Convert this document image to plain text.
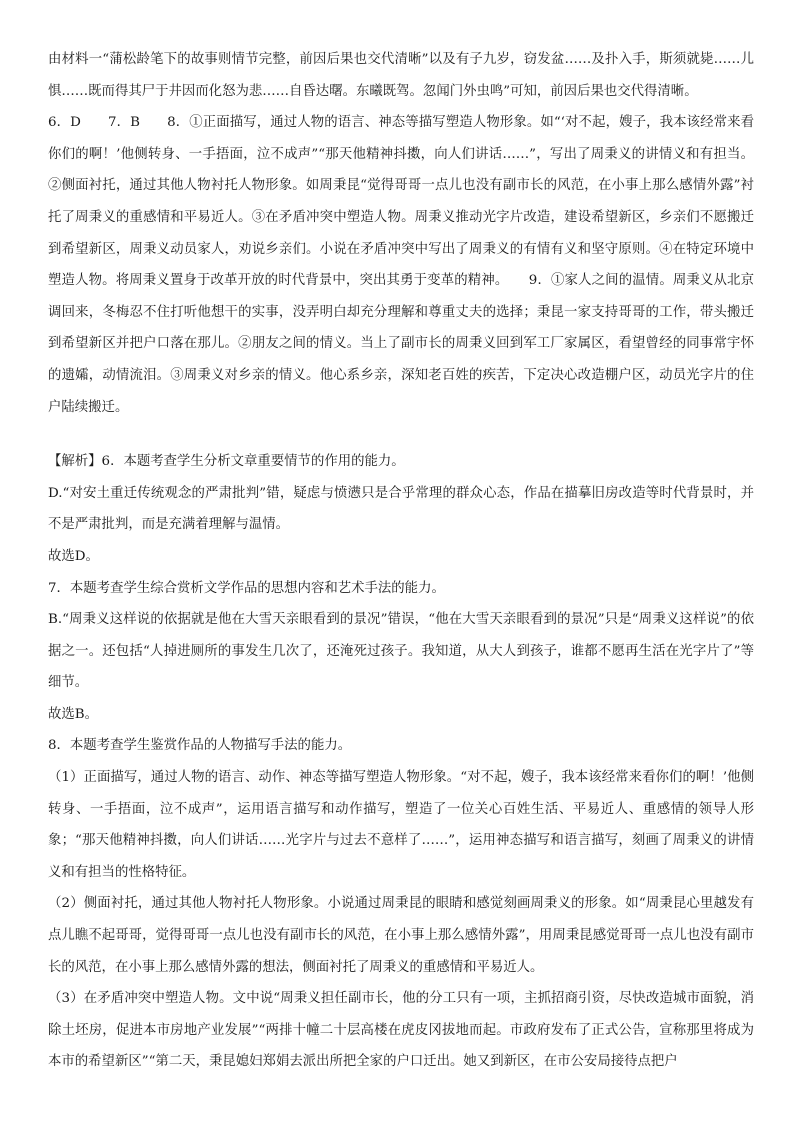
由材料一“蒲松龄笔下的故事则情节完整，前因后果也交代清晰”以及有子九岁，窃发盆……及扑入手，斯须就毙……儿惧……既而得其尸于井因而化怒为悲……自昏达曙。东曦既驾。忽闻门外虫鸣”可知，前因后果也交代得清晰。

6．D　　7．B　　8．①正面描写，通过人物的语言、神态等描写塑造人物形象。如“‘对不起，嫂子，我本该经常来看你们的啊！’他侧转身、一手捂面，泣不成声”“那天他精神抖擞，向人们讲话……”，写出了周秉义的讲情义和有担当。②侧面衬托，通过其他人物衬托人物形象。如周秉昆“觉得哥哥一点儿也没有副市长的风范，在小事上那么感情外露”衬托了周秉义的重感情和平易近人。③在矛盾冲突中塑造人物。周秉义推动光字片改造，建设希望新区，乡亲们不愿搬迁到希望新区，周秉义动员家人，劝说乡亲们。小说在矛盾冲突中写出了周秉义的有情有义和坚守原则。④在特定环境中塑造人物。将周秉义置身于改革开放的时代背景中，突出其勇于变革的精神。　　9．①家人之间的温情。周秉义从北京调回来，冬梅忍不住打听他想干的实事，没弄明白却充分理解和尊重丈夫的选择；秉昆一家支持哥哥的工作，带头搬迁到希望新区并把户口落在那儿。②朋友之间的情义。当上了副市长的周秉义回到军工厂家属区，看望曾经的同事常宇怀的遗孀，动情流泪。③周秉义对乡亲的情义。他心系乡亲，深知老百姓的疾苦，下定决心改造棚户区，动员光字片的住户陆续搬迁。

【解析】6．本题考查学生分析文章重要情节的作用的能力。

D.“对安土重迁传统观念的严肃批判”错，疑虑与愤懑只是合乎常理的群众心态，作品在描摹旧房改造等时代背景时，并不是严肃批判，而是充满着理解与温情。

故选D。

7．本题考查学生综合赏析文学作品的思想内容和艺术手法的能力。

B.“周秉义这样说的依据就是他在大雪天亲眼看到的景况”错误，“他在大雪天亲眼看到的景况”只是“周秉义这样说”的依据之一。还包括“人掉进厕所的事发生几次了，还淹死过孩子。我知道，从大人到孩子，谁都不愿再生活在光字片了”等细节。

故选B。

8．本题考查学生鉴赏作品的人物描写手法的能力。

（1）正面描写，通过人物的语言、动作、神态等描写塑造人物形象。“对不起，嫂子，我本该经常来看你们的啊！’他侧转身、一手捂面，泣不成声”，运用语言描写和动作描写，塑造了一位关心百姓生活、平易近人、重感情的领导人形象；“那天他精神抖擞，向人们讲话……光字片与过去不意样了……”，运用神态描写和语言描写，刻画了周秉义的讲情义和有担当的性格特征。

（2）侧面衬托，通过其他人物衬托人物形象。小说通过周秉昆的眼睛和感觉刻画周秉义的形象。如“周秉昆心里越发有点儿瞧不起哥哥，觉得哥哥一点儿也没有副市长的风范，在小事上那么感情外露”，用周秉昆感觉哥哥一点儿也没有副市长的风范，在小事上那么感情外露的想法，侧面衬托了周秉义的重感情和平易近人。

（3）在矛盾冲突中塑造人物。文中说“周秉义担任副市长，他的分工只有一项，主抓招商引资，尽快改造城市面貌，消除土坯房，促进本市房地产业发展”“两排十幢二十层高楼在虎皮冈拔地而起。市政府发布了正式公告，宣称那里将成为本市的希望新区”“第二天，秉昆媳妇郑娟去派出所把全家的户口迁出。她又到新区，在市公安局接待点把户
